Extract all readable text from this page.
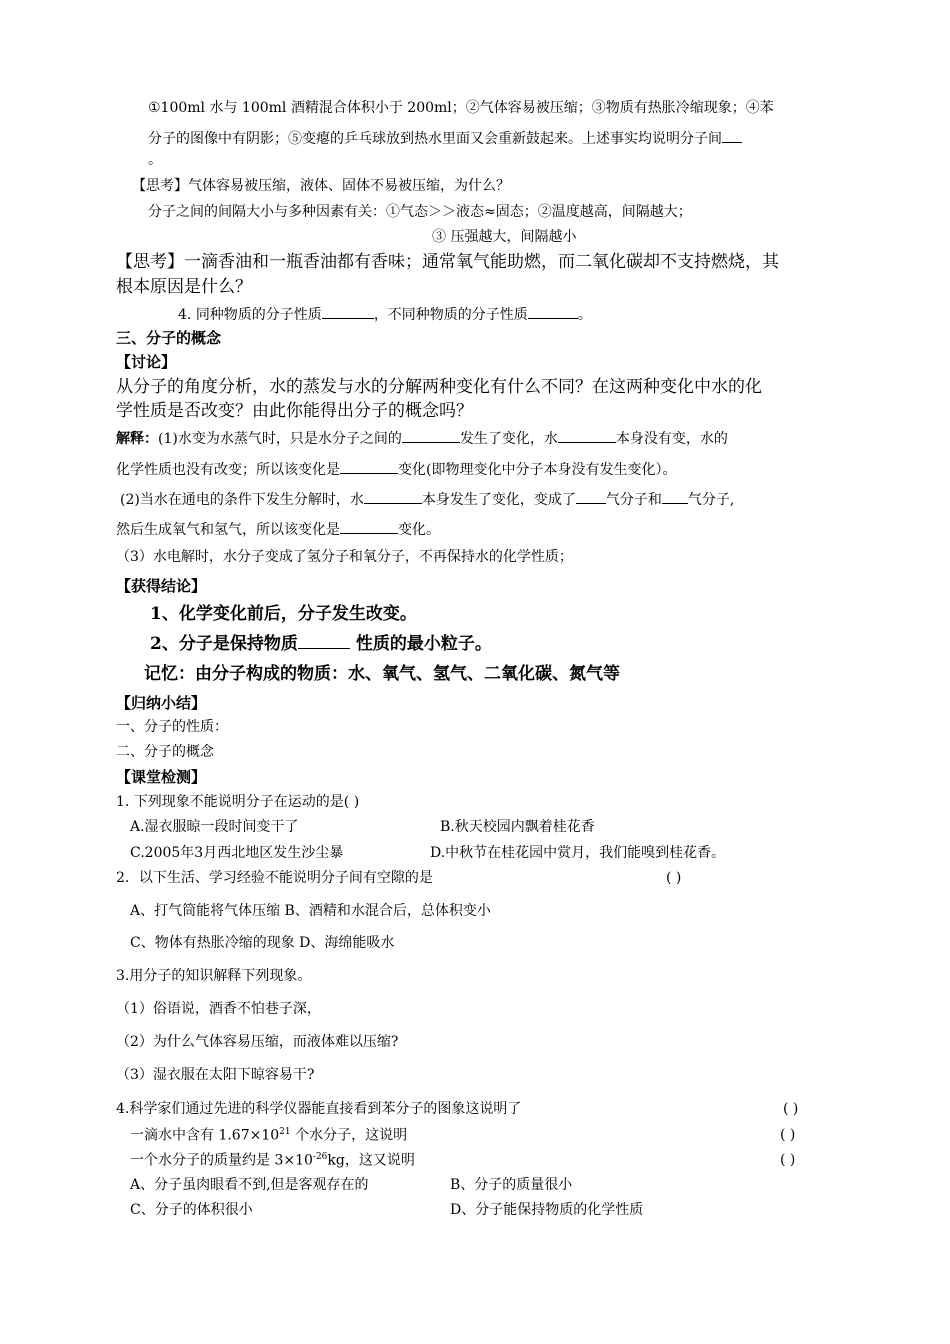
①100ml 水与 100ml 酒精混合体积小于 200ml；②气体容易被压缩；③物质有热胀冷缩现象；④苯
分子的图像中有阴影；⑤变瘪的乒乓球放到热水里面又会重新鼓起来。上述事实均说明分子间
。
【思考】气体容易被压缩，液体、固体不易被压缩，为什么？
分子之间的间隔大小与多种因素有关：①气态＞＞液态≈固态；②温度越高，间隔越大；
③ 压强越大，间隔越小
【思考】一滴香油和一瓶香油都有香味；通常氧气能助燃，而二氧化碳却不支持燃烧，其
根本原因是什么？
4. 同种物质的分子性质	，不同种物质的分子性质	。
三、分子的概念
【讨论】
从分子的角度分析，水的蒸发与水的分解两种变化有什么不同？在这两种变化中水的化
学性质是否改变？由此你能得出分子的概念吗？
解释：(1)水变为水蒸气时，只是水分子之间的	发生了变化，水	本身没有变，水的
化学性质也没有改变；所以该变化是	变化(即物理变化中分子本身没有发生变化）。
(2)当水在通电的条件下发生分解时，水	本身发生了变化，变成了 气分子和 气分子,
然后生成氧气和氢气，所以该变化是	变化。
（3）水电解时，水分子变成了氢分子和氧分子，不再保持水的化学性质；
【获得结论】
1、化学变化前后，分子发生改变。
2、分子是保持物质	性质的最小粒子。
记忆：由分子构成的物质：水、氧气、氢气、二氧化碳、氮气等
【归纳小结】
一、分子的性质：
二、分子的概念
【课堂检测】
1. 下列现象不能说明分子在运动的是( )
A.湿衣服晾一段时间变干了	B.秋天校园内飘着桂花香
C.2005年3月西北地区发生沙尘暴	D.中秋节在桂花园中赏月，我们能嗅到桂花香。
2．以下生活、学习经验不能说明分子间有空隙的是	( )
A、打气筒能将气体压缩 B、酒精和水混合后，总体积变小
C、物体有热胀冷缩的现象 D、海绵能吸水
3.用分子的知识解释下列现象。
（1）俗语说，酒香不怕巷子深，
（2）为什么气体容易压缩，而液体难以压缩?
（3）湿衣服在太阳下晾容易干?
4.科学家们通过先进的科学仪器能直接看到苯分子的图象这说明了	( )
一滴水中含有 $1.67\times 10^{21}$ 个水分子，这说明	( )
一个水分子的质量约是 $3\times 10^{-26}kg$，这又说明	( )
A、分子虽肉眼看不到,但是客观存在的	B、分子的质量很小
C、分子的体积很小	D、分子能保持物质的化学性质
